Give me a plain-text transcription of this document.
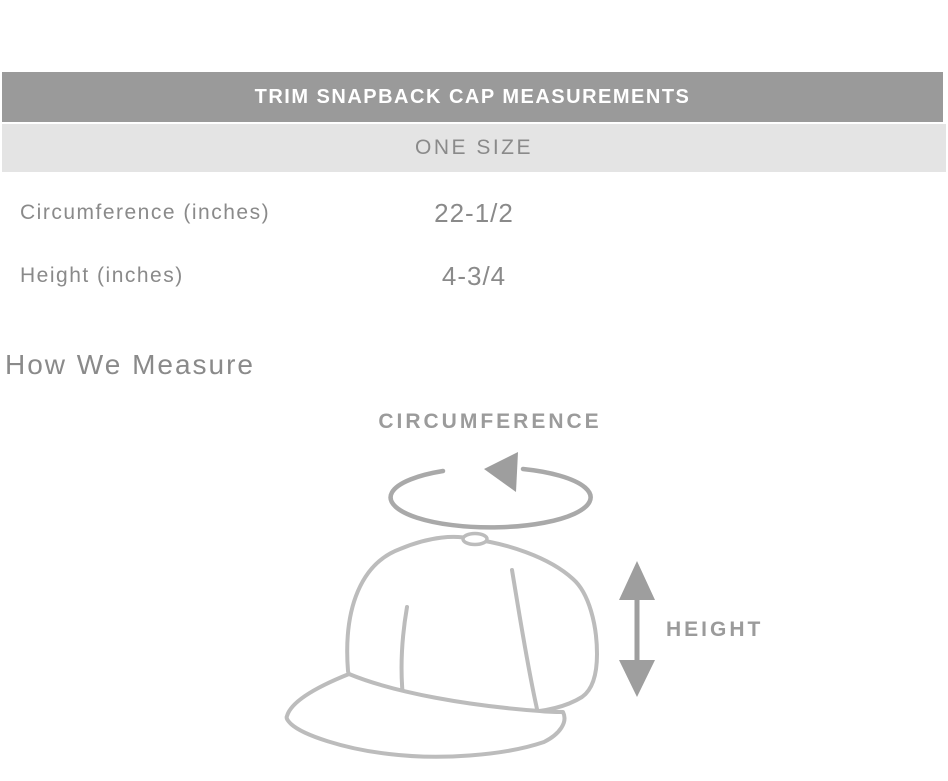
TRIM SNAPBACK CAP MEASUREMENTS
ONE SIZE
Circumference (inches)	22-1/2
Height (inches)	4-3/4
How We Measure
CIRCUMFERENCE
HEIGHT
